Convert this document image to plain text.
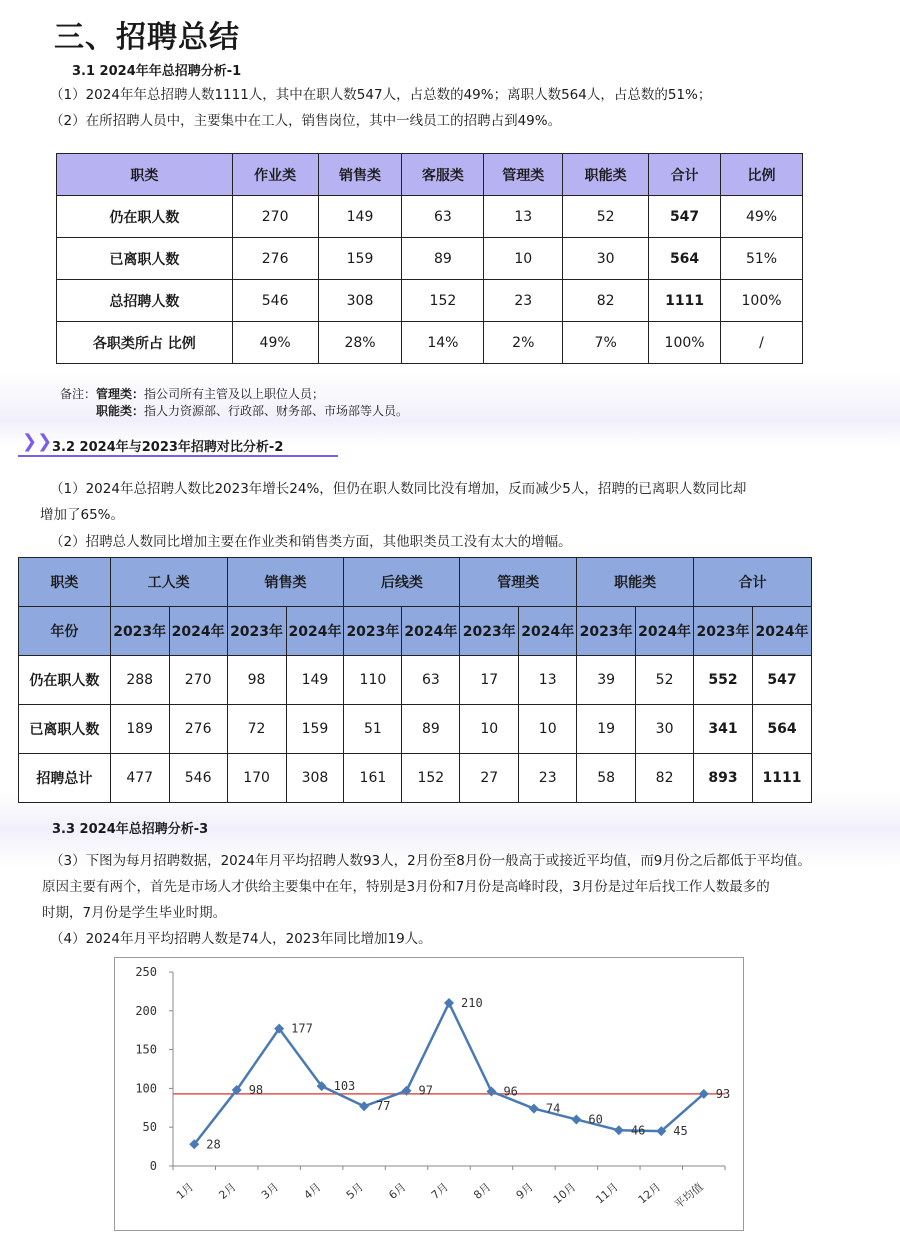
三、招聘总结
3.1 2024年年总招聘分析-1
（1）2024年年总招聘人数1111人，其中在职人数547人，占总数的49%；离职人数564人，占总数的51%；
（2）在所招聘人员中，主要集中在工人，销售岗位，其中一线员工的招聘占到49%。
职类	作业类	销售类	客服类	管理类	职能类	合计	比例
仍在职人数	270	149	63	13	52	547	49%
已离职人数	276	159	89	10	30	564	51%
总招聘人数	546	308	152	23	82	1111	100%
各职类所占 比例	49%	28%	14%	2%	7%	100%	/
备注：管理类：指公司所有主管及以上职位人员；
职能类：指人力资源部、行政部、财务部、市场部等人员。
❯❯ 3.2 2024年与2023年招聘对比分析-2
（1）2024年总招聘人数比2023年增长24%，但仍在职人数同比没有增加，反而减少5人，招聘的已离职人数同比却
增加了65%。
（2）招聘总人数同比增加主要在作业类和销售类方面，其他职类员工没有太大的增幅。
职类	工人类		销售类		后线类		管理类		职能类		合计	
年份	2023年	2024年	2023年	2024年	2023年	2024年	2023年	2024年	2023年	2024年	2023年	2024年
仍在职人数	288	270	98	149	110	63	17	13	39	52	552	547
已离职人数	189	276	72	159	51	89	10	10	19	30	341	564
招聘总计	477	546	170	308	161	152	27	23	58	82	893	1111
3.3 2024年总招聘分析-3
（3）下图为每月招聘数据，2024年月平均招聘人数93人，2月份至8月份一般高于或接近平均值，而9月份之后都低于平均值。
原因主要有两个，首先是市场人才供给主要集中在年，特别是3月份和7月份是高峰时段，3月份是过年后找工作人数最多的
时期，7月份是学生毕业时期。
（4）2024年月平均招聘人数是74人，2023年同比增加19人。
0
50
100
150
200
250
1月 2月 3月 4月 5月 6月 7月 8月 9月 10月 11月 12月 平均值
28
98
177
103
77
97
210
96
74
60
46 45
93
